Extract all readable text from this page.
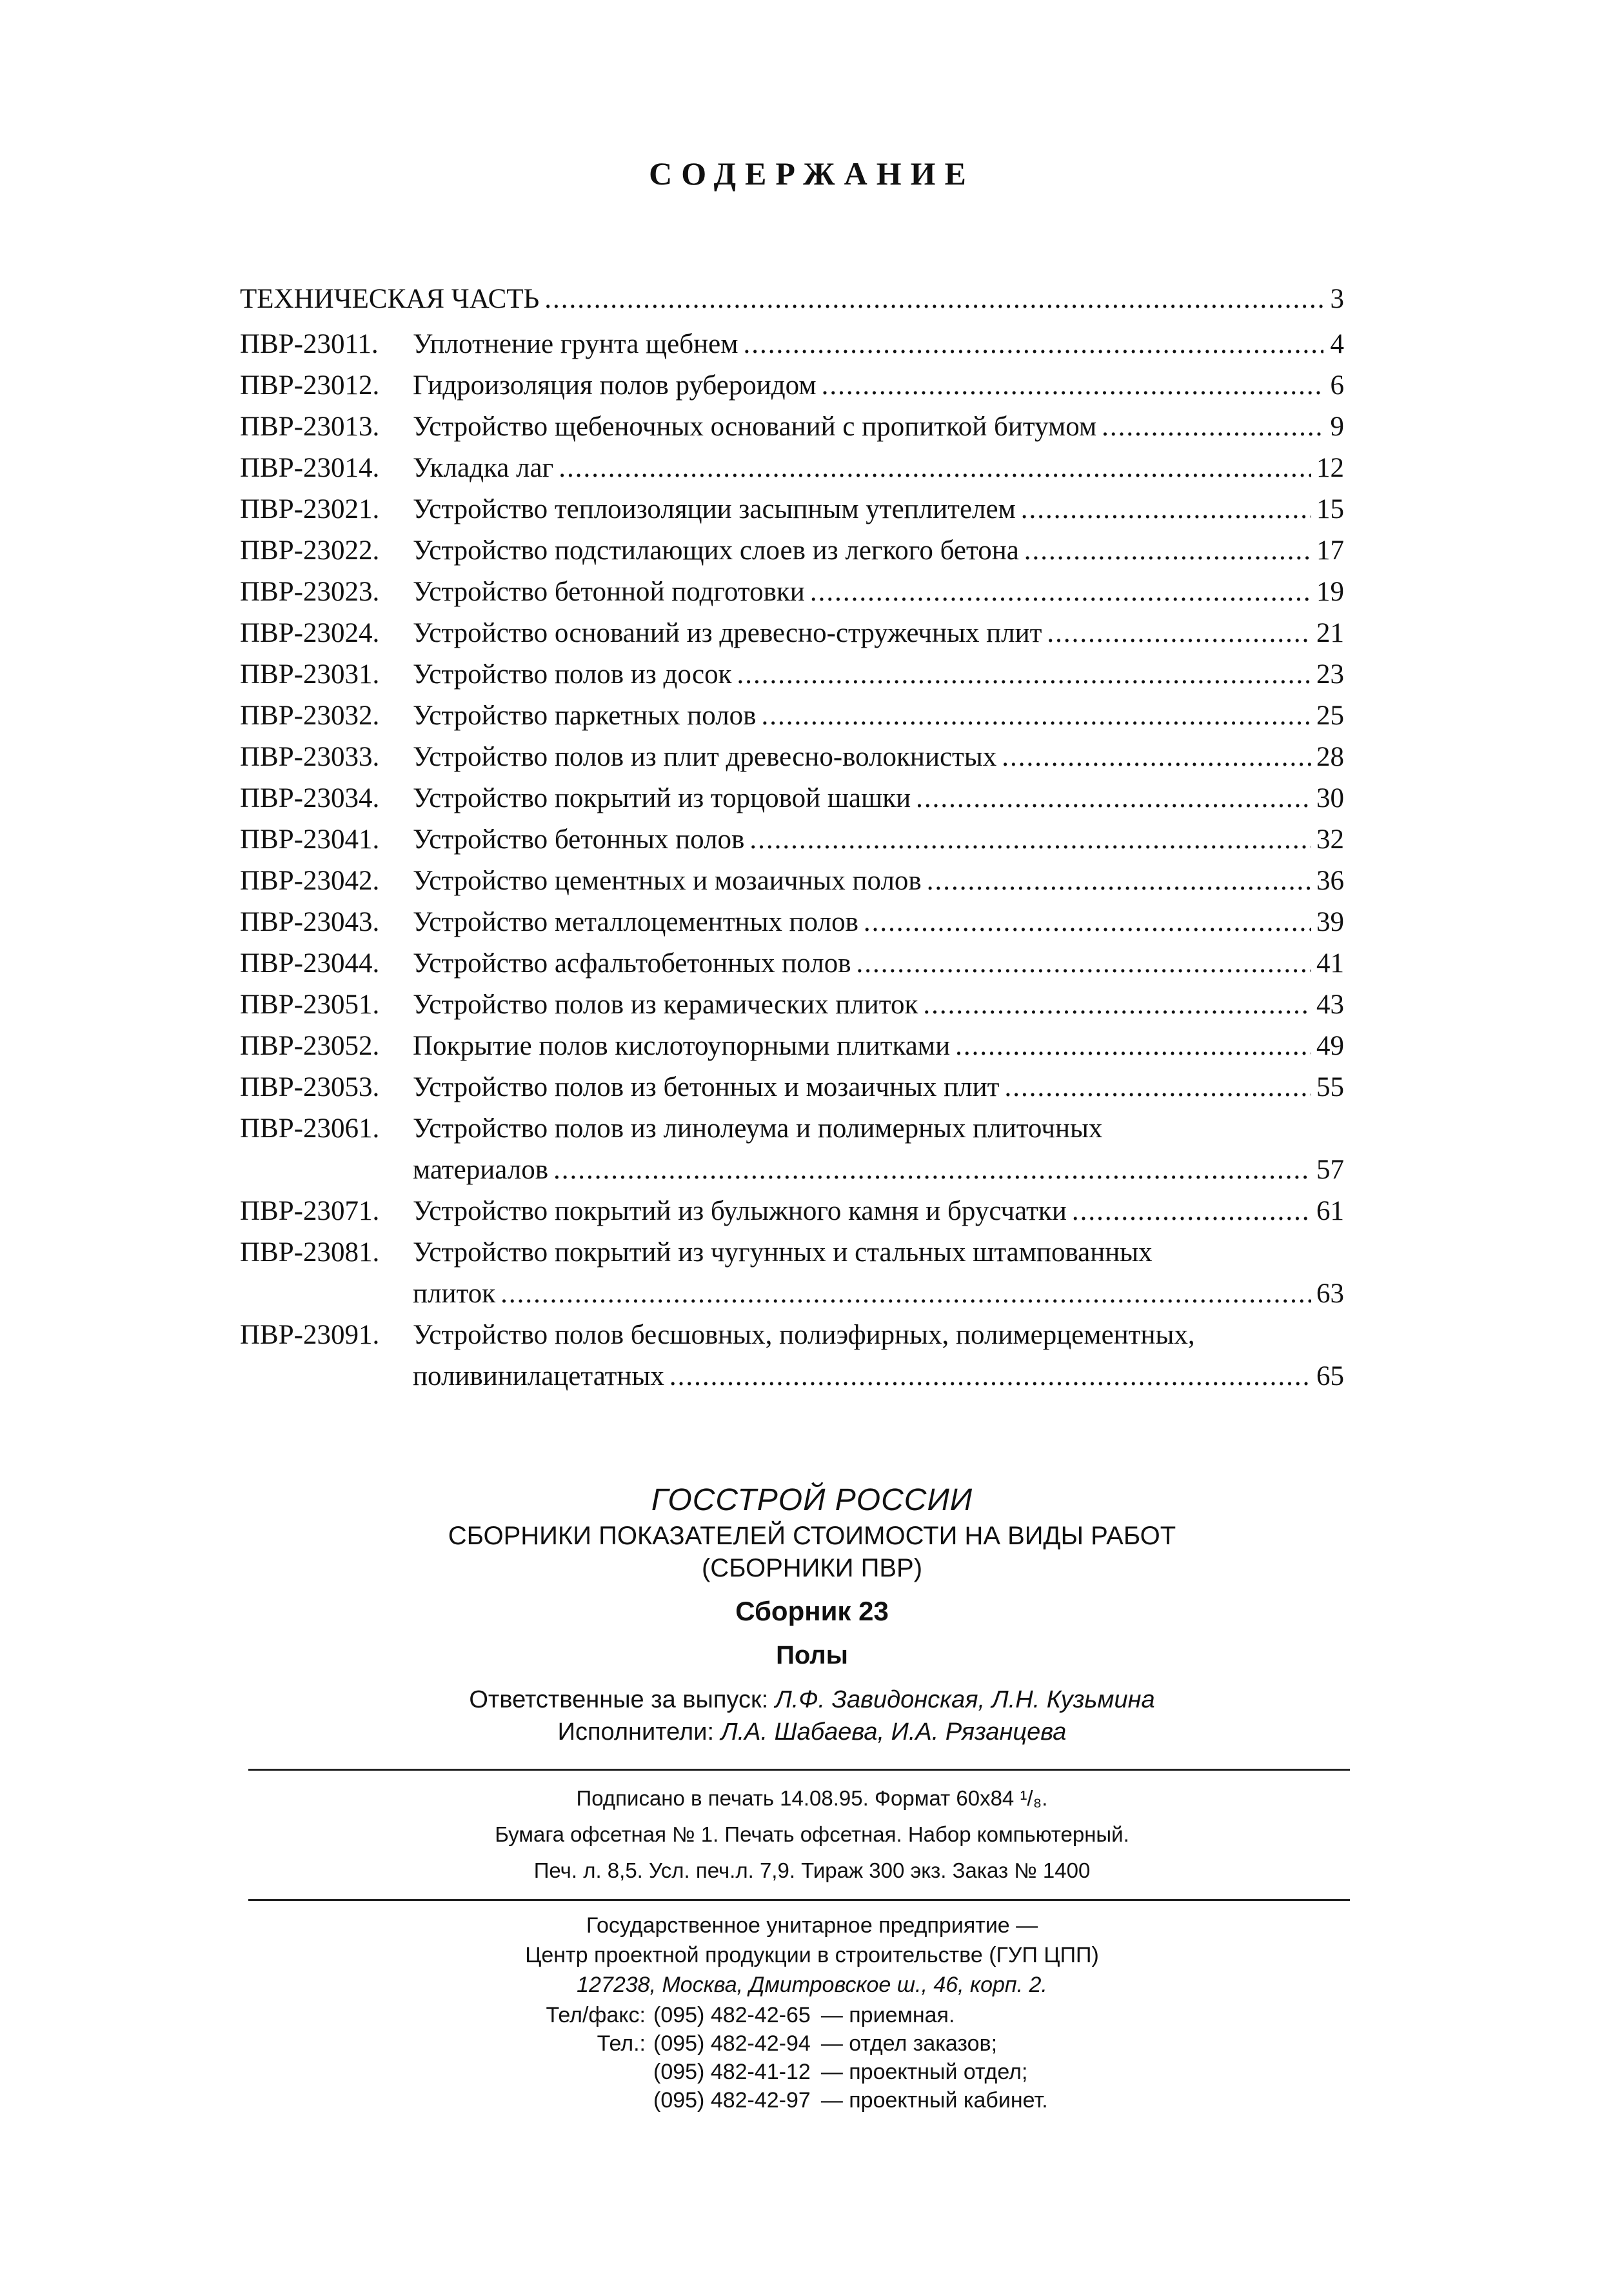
СОДЕРЖАНИЕ
ТЕХНИЧЕСКАЯ ЧАСТЬ .....	3
ПВР-23011.	Уплотнение грунта щебнем .....	4
ПВР-23012.	Гидроизоляция полов рубероидом .....	6
ПВР-23013.	Устройство щебеночных оснований с пропиткой битумом .....	9
ПВР-23014.	Укладка лаг .....	12
ПВР-23021.	Устройство теплоизоляции засыпным утеплителем .....	15
ПВР-23022.	Устройство подстилающих слоев из легкого бетона .....	17
ПВР-23023.	Устройство бетонной подготовки .....	19
ПВР-23024.	Устройство оснований из древесно-стружечных плит .....	21
ПВР-23031.	Устройство полов из досок .....	23
ПВР-23032.	Устройство паркетных полов .....	25
ПВР-23033.	Устройство полов из плит древесно-волокнистых .....	28
ПВР-23034.	Устройство покрытий из торцовой шашки .....	30
ПВР-23041.	Устройство бетонных полов .....	32
ПВР-23042.	Устройство цементных и мозаичных полов .....	36
ПВР-23043.	Устройство металлоцементных полов .....	39
ПВР-23044.	Устройство асфальтобетонных полов .....	41
ПВР-23051.	Устройство полов из керамических плиток .....	43
ПВР-23052.	Покрытие полов кислотоупорными плитками .....	49
ПВР-23053.	Устройство полов из бетонных и мозаичных плит .....	55
ПВР-23061.	Устройство полов из линолеума и полимерных плиточных
материалов .....	57
ПВР-23071.	Устройство покрытий из булыжного камня и брусчатки .....	61
ПВР-23081.	Устройство покрытий из чугунных и стальных штампованных
плиток .....	63
ПВР-23091.	Устройство полов бесшовных, полиэфирных, полимерцементных,
поливинилацетатных .....	65
ГОССТРОЙ РОССИИ
СБОРНИКИ ПОКАЗАТЕЛЕЙ СТОИМОСТИ НА ВИДЫ РАБОТ
(СБОРНИКИ ПВР)
Сборник 23
Полы
Ответственные за выпуск: Л.Ф. Завидонская, Л.Н. Кузьмина
Исполнители: Л.А. Шабаева, И.А. Рязанцева
Подписано в печать 14.08.95. Формат 60x84 ¹/₈.
Бумага офсетная № 1. Печать офсетная. Набор компьютерный.
Печ. л. 8,5. Усл. печ.л. 7,9. Тираж 300 экз. Заказ № 1400
Государственное унитарное предприятие —
Центр проектной продукции в строительстве (ГУП ЦПП)
127238, Москва, Дмитровское ш., 46, корп. 2.
Тел/факс: (095) 482-42-65 — приемная.
Тел.: (095) 482-42-94 — отдел заказов;
(095) 482-41-12 — проектный отдел;
(095) 482-42-97 — проектный кабинет.
